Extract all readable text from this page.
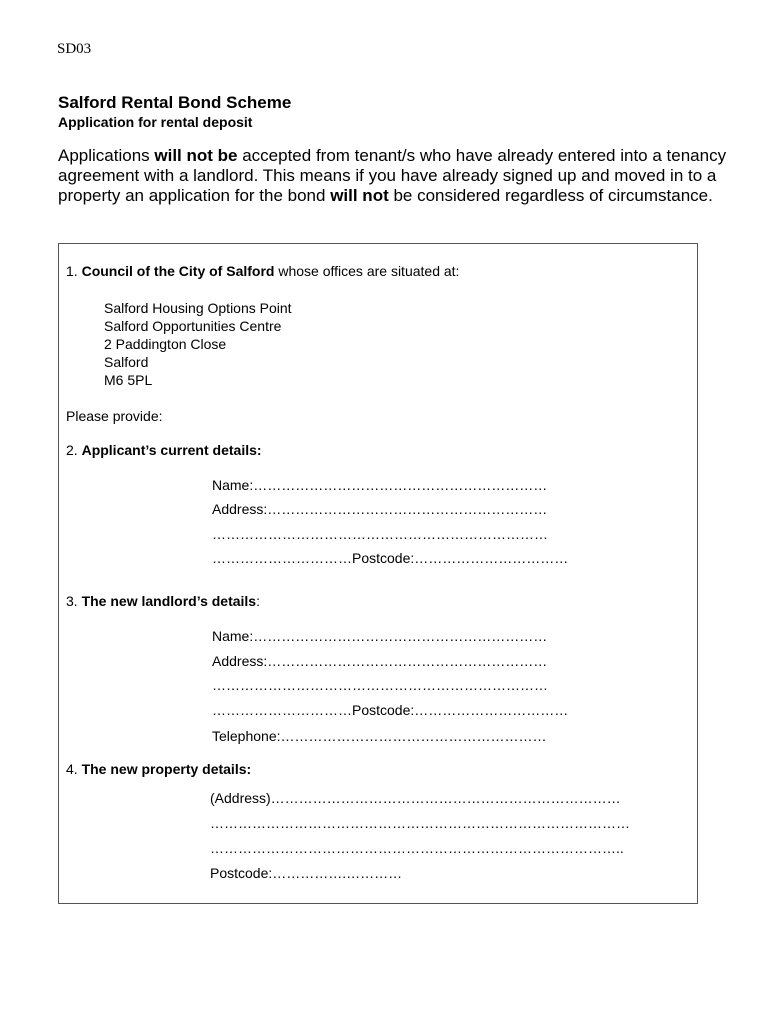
SD03
Salford Rental Bond Scheme
Application for rental deposit
Applications will not be accepted from tenant/s who have already entered into a tenancy agreement with a landlord. This means if you have already signed up and moved in to a property an application for the bond will not be considered regardless of circumstance.
1. Council of the City of Salford whose offices are situated at:
Salford Housing Options Point
Salford Opportunities Centre
2 Paddington Close
Salford
M6 5PL
Please provide:
2. Applicant’s current details:
Name:………………………………………………………
Address:……………………………………………………
………………………………………………………………
…………………………Postcode:……………………………
3. The new landlord’s details:
Name:………………………………………………………
Address:……………………………………………………
………………………………………………………………
…………………………Postcode:……………………………
Telephone:…………………………………………………
4. The new property details:
(Address)…………………………………………………………………
………………………………………………………………………………
……………………………………………………………………………..
Postcode:…………….…………
